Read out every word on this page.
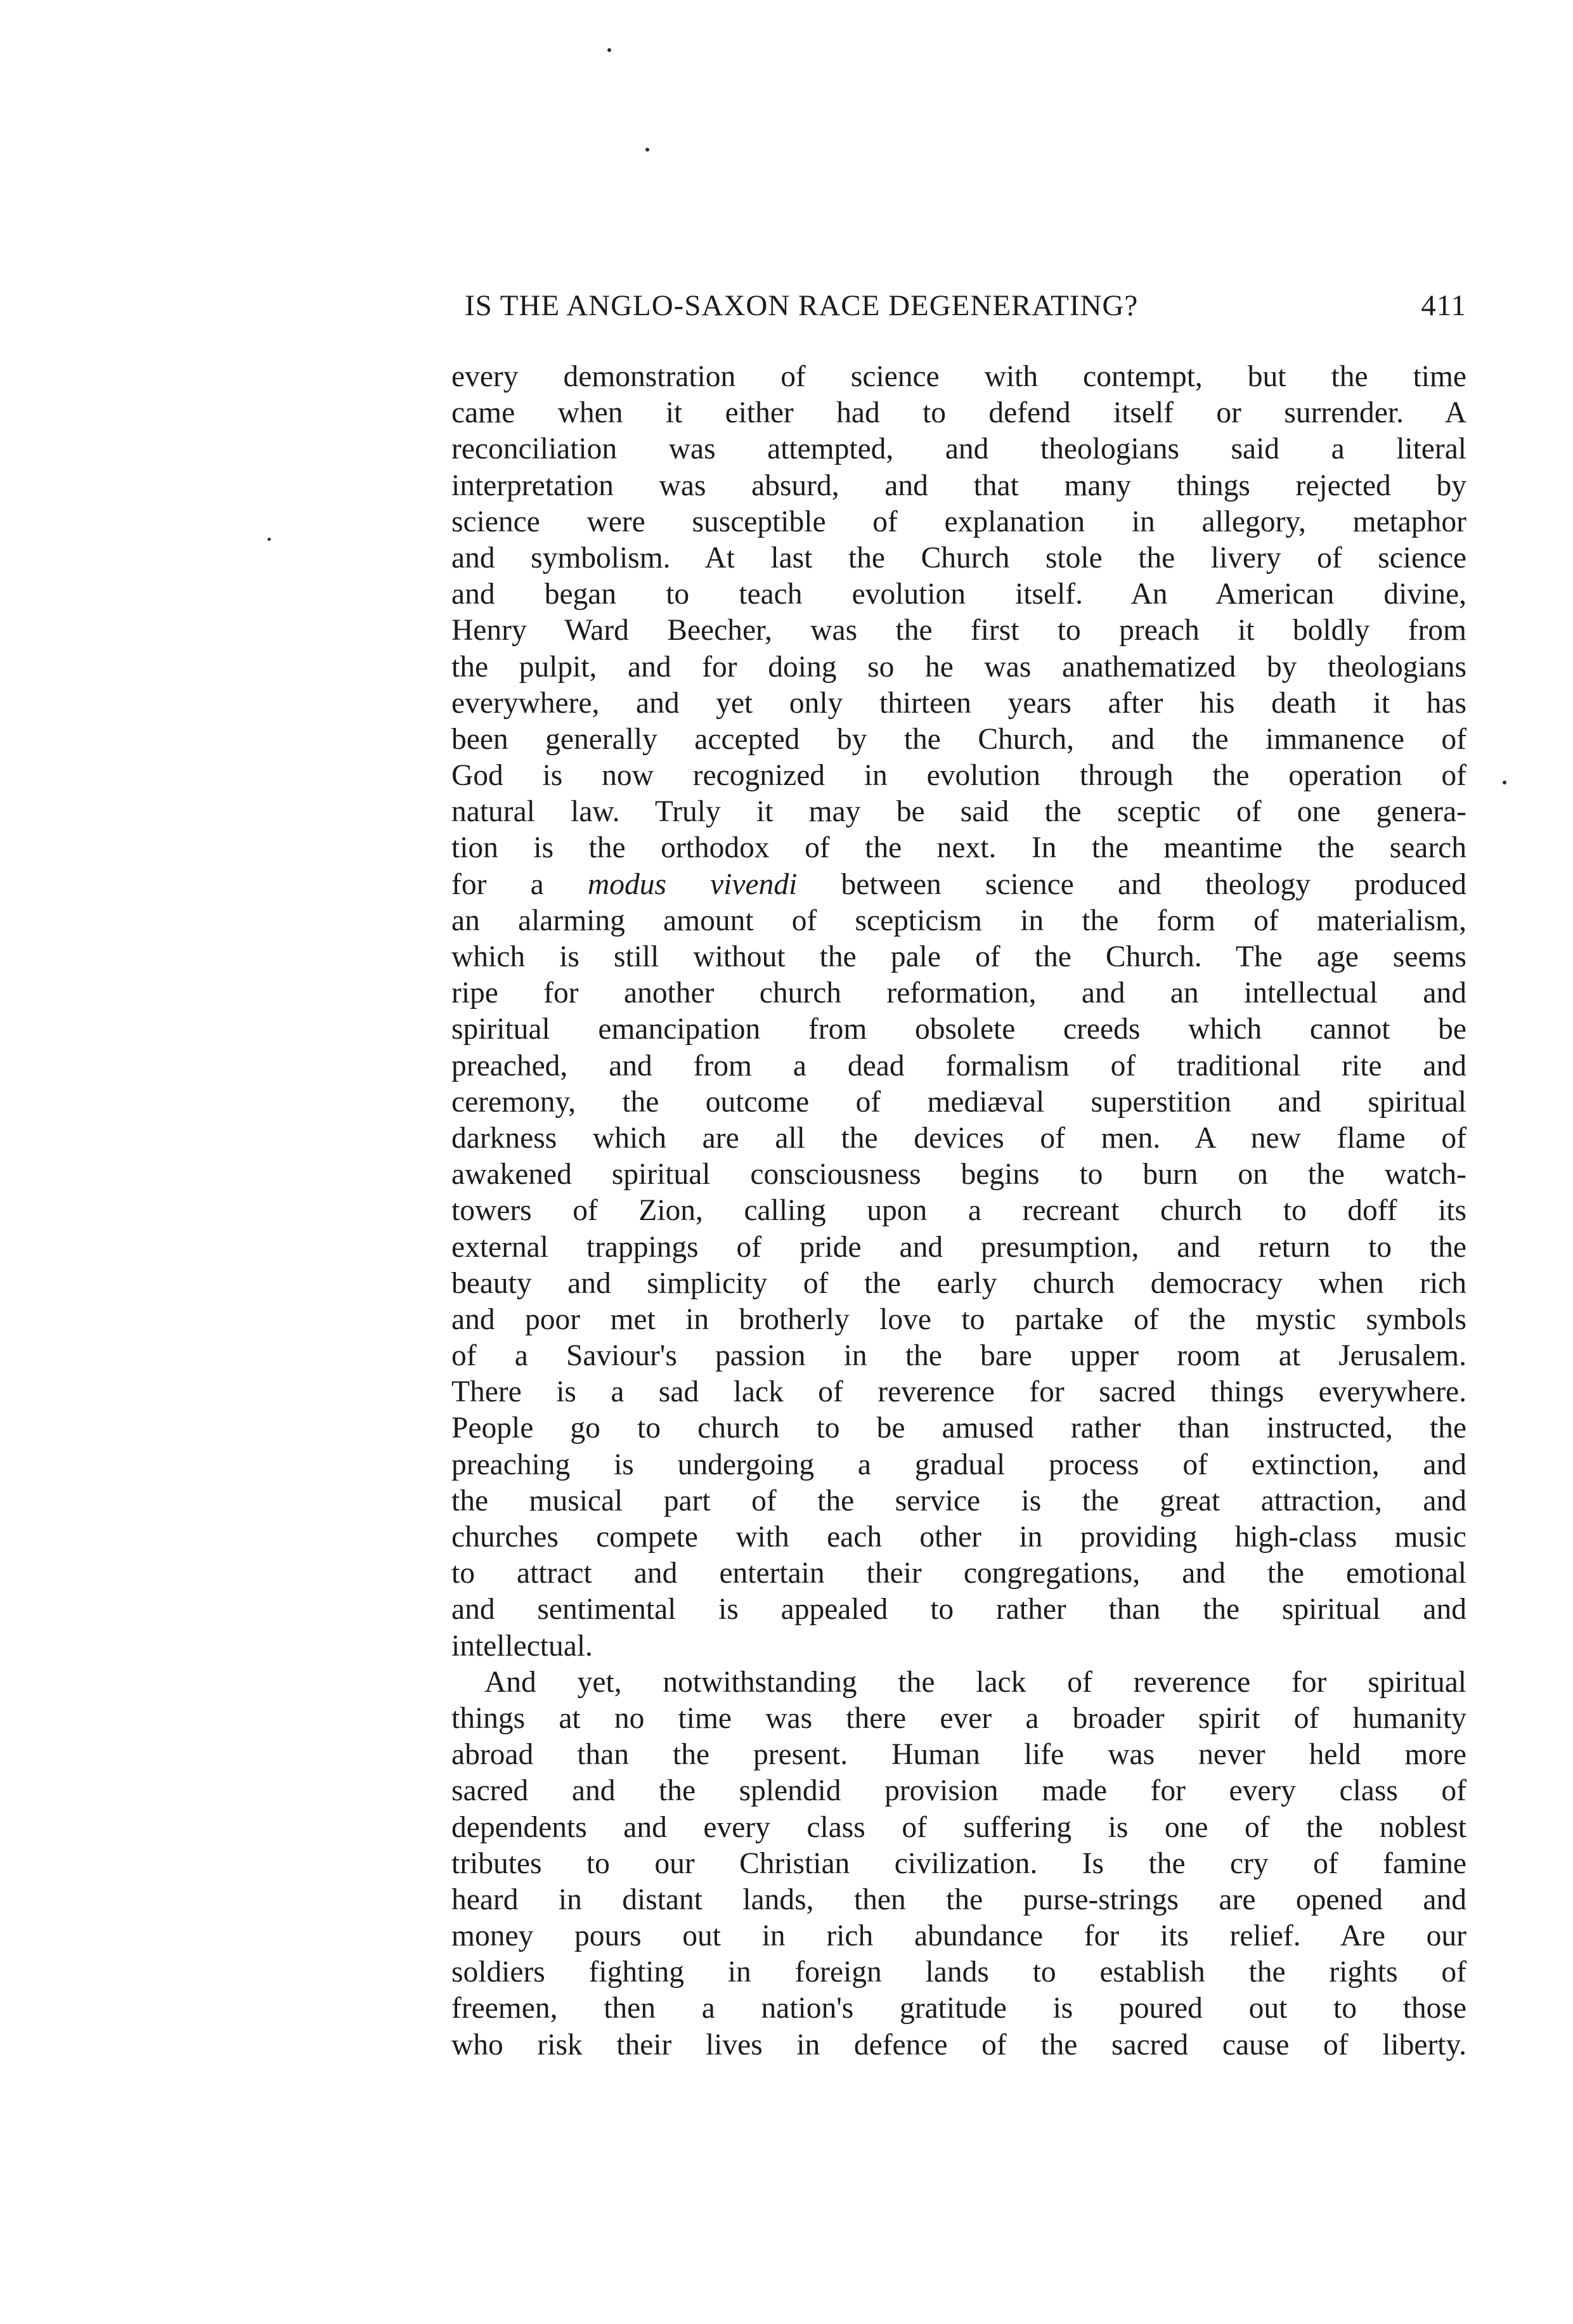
IS THE ANGLO-SAXON RACE DEGENERATING?	411
every demonstration of science with contempt, but the time
came when it either had to defend itself or surrender. A
reconciliation was attempted, and theologians said a literal
interpretation was absurd, and that many things rejected by
science were susceptible of explanation in allegory, metaphor
and symbolism. At last the Church stole the livery of science
and began to teach evolution itself. An American divine,
Henry Ward Beecher, was the first to preach it boldly from
the pulpit, and for doing so he was anathematized by theologians
everywhere, and yet only thirteen years after his death it has
been generally accepted by the Church, and the immanence of
God is now recognized in evolution through the operation of
natural law. Truly it may be said the sceptic of one genera-
tion is the orthodox of the next. In the meantime the search
for a modus vivendi between science and theology produced
an alarming amount of scepticism in the form of materialism,
which is still without the pale of the Church. The age seems
ripe for another church reformation, and an intellectual and
spiritual emancipation from obsolete creeds which cannot be
preached, and from a dead formalism of traditional rite and
ceremony, the outcome of mediæval superstition and spiritual
darkness which are all the devices of men. A new flame of
awakened spiritual consciousness begins to burn on the watch-
towers of Zion, calling upon a recreant church to doff its
external trappings of pride and presumption, and return to the
beauty and simplicity of the early church democracy when rich
and poor met in brotherly love to partake of the mystic symbols
of a Saviour's passion in the bare upper room at Jerusalem.
There is a sad lack of reverence for sacred things everywhere.
People go to church to be amused rather than instructed, the
preaching is undergoing a gradual process of extinction, and
the musical part of the service is the great attraction, and
churches compete with each other in providing high-class music
to attract and entertain their congregations, and the emotional
and sentimental is appealed to rather than the spiritual and
intellectual.
And yet, notwithstanding the lack of reverence for spiritual
things at no time was there ever a broader spirit of humanity
abroad than the present. Human life was never held more
sacred and the splendid provision made for every class of
dependents and every class of suffering is one of the noblest
tributes to our Christian civilization. Is the cry of famine
heard in distant lands, then the purse-strings are opened and
money pours out in rich abundance for its relief. Are our
soldiers fighting in foreign lands to establish the rights of
freemen, then a nation's gratitude is poured out to those
who risk their lives in defence of the sacred cause of liberty.
